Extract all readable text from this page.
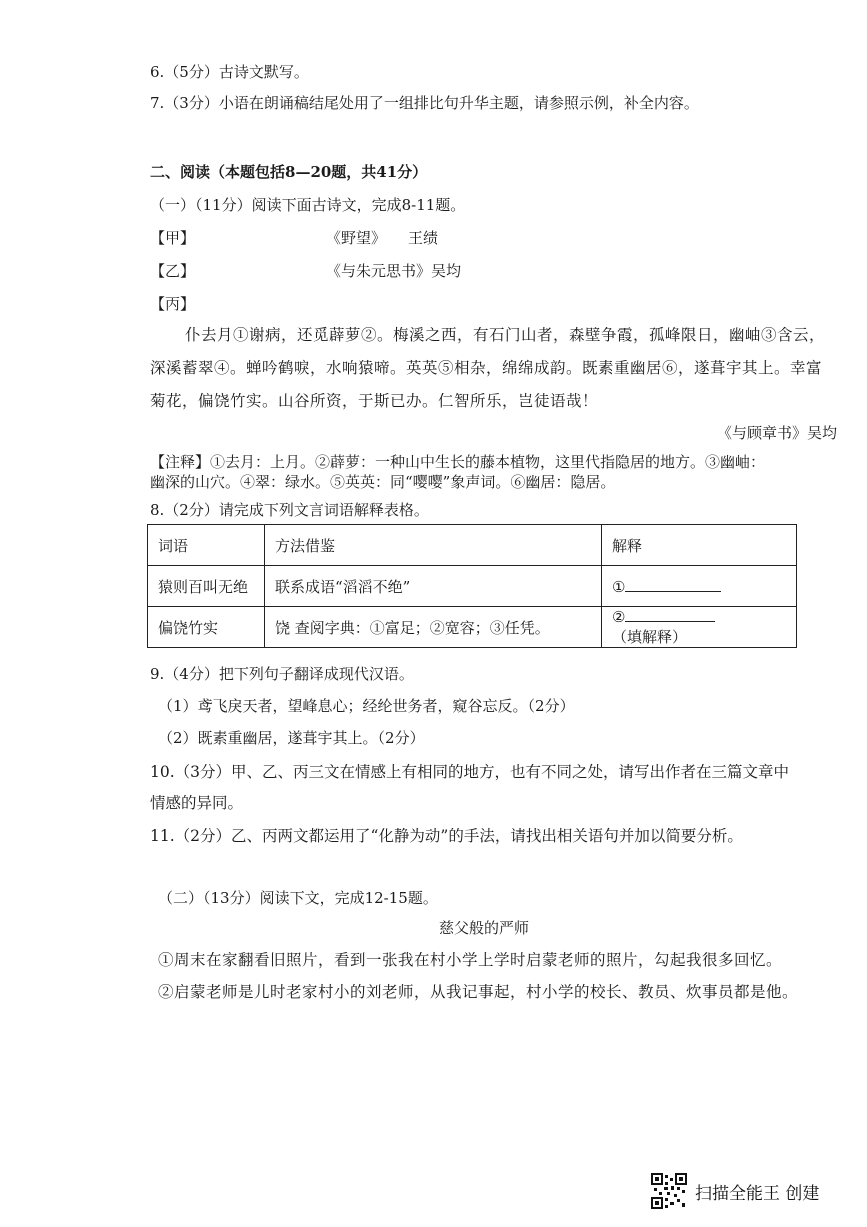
6.（5分）古诗文默写。
7.（3分）小语在朗诵稿结尾处用了一组排比句升华主题，请参照示例，补全内容。
二、阅读（本题包括8—20题，共41分）
（一）（11分）阅读下面古诗文，完成8-11题。
【甲】	《野望》 王绩
【乙】	《与朱元思书》吴均
【丙】
仆去月①谢病，还觅薜萝②。梅溪之西，有石门山者，森壁争霞，孤峰限日，幽岫③含云，
深溪蓄翠④。蝉吟鹤唳，水响猿啼。英英⑤相杂，绵绵成韵。既素重幽居⑥，遂葺宇其上。幸富
菊花，偏饶竹实。山谷所资，于斯已办。仁智所乐，岂徒语哉！
《与顾章书》吴均
【注释】①去月：上月。②薜萝：一种山中生长的藤本植物，这里代指隐居的地方。③幽岫：
幽深的山穴。④翠：绿水。⑤英英：同“嘤嘤”象声词。⑥幽居：隐居。
8.（2分）请完成下列文言词语解释表格。
词语	方法借鉴	解释
猿则百叫无绝	联系成语“滔滔不绝”	①
偏饶竹实	饶 查阅字典：①富足；②宽容；③任凭。	②（填解释）
9.（4分）把下列句子翻译成现代汉语。
（1）鸢飞戾天者，望峰息心；经纶世务者，窥谷忘反。（2分）
（2）既素重幽居，遂葺宇其上。（2分）
10.（3分）甲、乙、丙三文在情感上有相同的地方，也有不同之处，请写出作者在三篇文章中
情感的异同。
11.（2分）乙、丙两文都运用了“化静为动”的手法，请找出相关语句并加以简要分析。
（二）（13分）阅读下文，完成12-15题。
慈父般的严师
①周末在家翻看旧照片，看到一张我在村小学上学时启蒙老师的照片，勾起我很多回忆。
②启蒙老师是儿时老家村小的刘老师，从我记事起，村小学的校长、教员、炊事员都是他。
扫描全能王 创建
